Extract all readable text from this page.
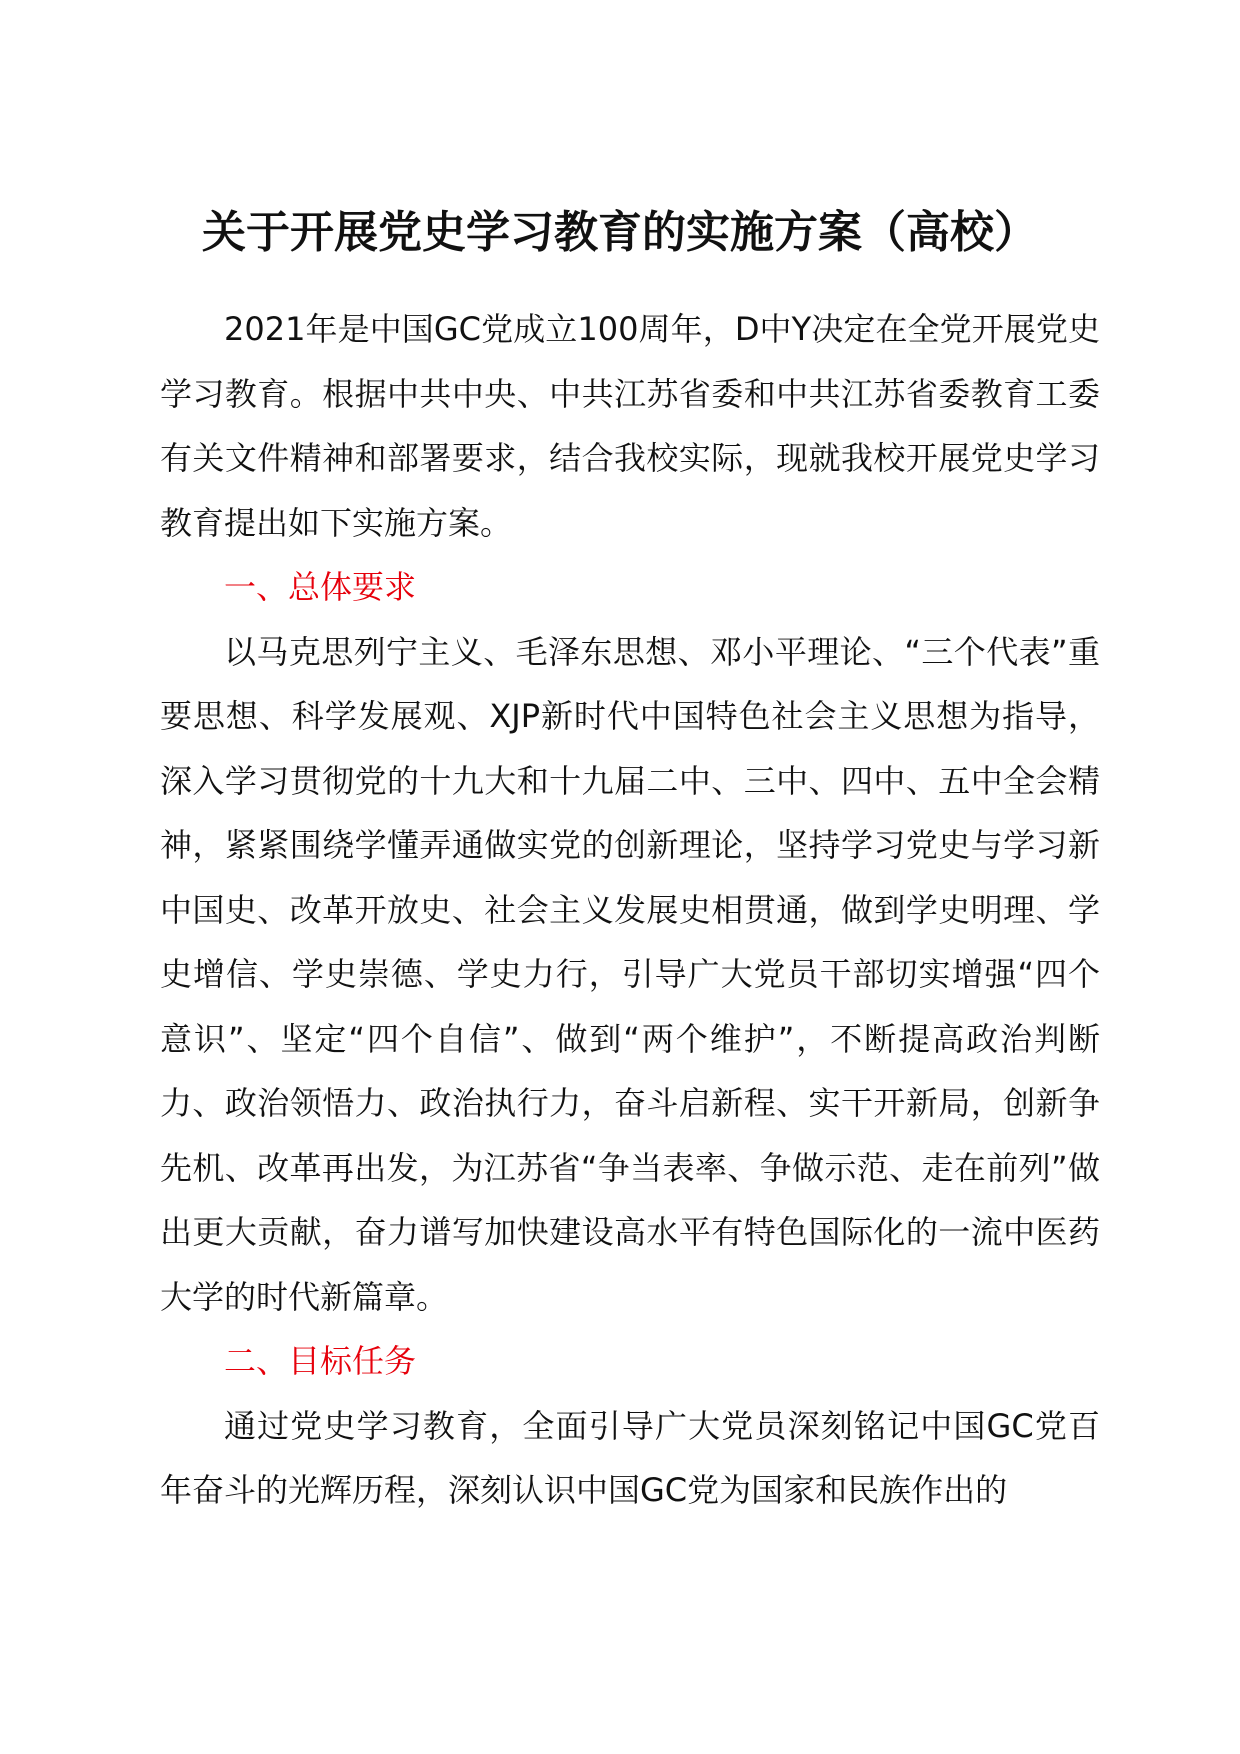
关于开展党史学习教育的实施方案（高校）

2021年是中国GC党成立100周年，D中Y决定在全党开展党史学习教育。根据中共中央、中共江苏省委和中共江苏省委教育工委有关文件精神和部署要求，结合我校实际，现就我校开展党史学习教育提出如下实施方案。

一、总体要求

以马克思列宁主义、毛泽东思想、邓小平理论、“三个代表”重要思想、科学发展观、XJP新时代中国特色社会主义思想为指导，深入学习贯彻党的十九大和十九届二中、三中、四中、五中全会精神，紧紧围绕学懂弄通做实党的创新理论，坚持学习党史与学习新中国史、改革开放史、社会主义发展史相贯通，做到学史明理、学史增信、学史崇德、学史力行，引导广大党员干部切实增强“四个意识”、坚定“四个自信”、做到“两个维护”，不断提高政治判断力、政治领悟力、政治执行力，奋斗启新程、实干开新局，创新争先机、改革再出发，为江苏省“争当表率、争做示范、走在前列”做出更大贡献，奋力谱写加快建设高水平有特色国际化的一流中医药大学的时代新篇章。

二、目标任务

通过党史学习教育，全面引导广大党员深刻铭记中国GC党百年奋斗的光辉历程，深刻认识中国GC党为国家和民族作出的
